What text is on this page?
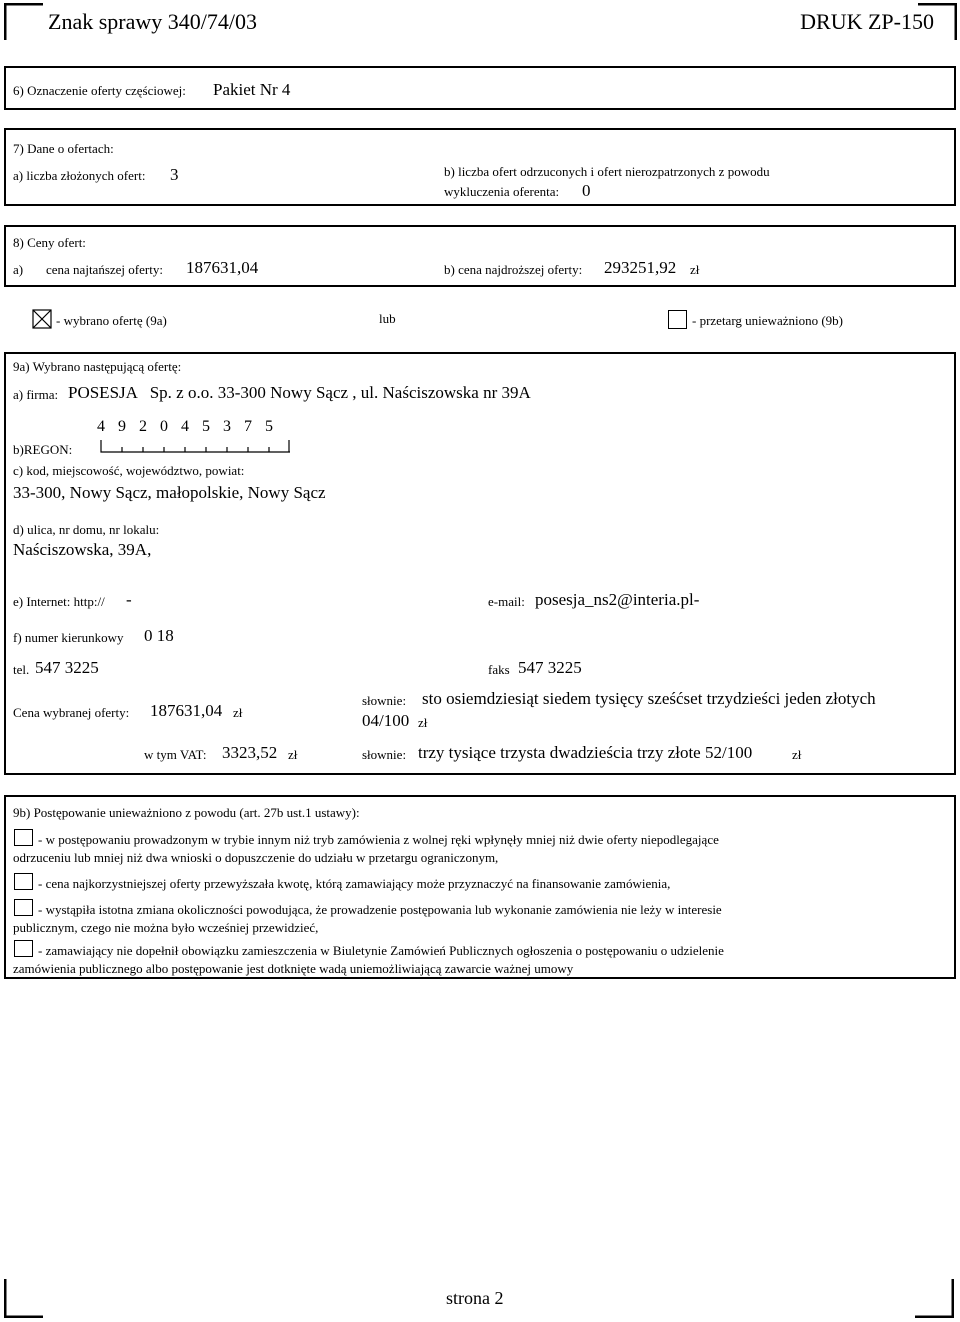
Znak sprawy 340/74/03	DRUK ZP-150
6) Oznaczenie oferty częściowej: Pakiet Nr 4
7) Dane o ofertach:
a) liczba złożonych ofert: 3	b) liczba ofert odrzuconych i ofert nierozpatrzonych z powodu
wykluczenia oferenta: 0
8) Ceny ofert:
a) cena najtańszej oferty: 187631,04	b) cena najdroższej oferty: 293251,92 zł
- wybrano ofertę (9a)	lub	- przetarg unieważniono (9b)
9a) Wybrano następującą ofertę:
a) firma: POSESJA   Sp. z o.o. 33-300 Nowy Sącz , ul. Naściszowska nr 39A
b)REGON:
4 9 2 0 4 5 3 7 5
c) kod, miejscowość, województwo, powiat:
33-300, Nowy Sącz, małopolskie, Nowy Sącz
d) ulica, nr domu, nr lokalu:
Naściszowska, 39A,
e) Internet: http:// -	e-mail: posesja_ns2@interia.pl-
f) numer kierunkowy 0 18
tel. 547 3225	faks 547 3225
Cena wybranej oferty: 187631,04 zł
słownie: sto osiemdziesiąt siedem tysięcy sześćset trzydzieści jeden złotych
04/100 zł
w tym VAT: 3323,52 zł	słownie: trzy tysiące trzysta dwadzieścia trzy złote 52/100	zł
9b) Postępowanie unieważniono z powodu (art. 27b ust.1 ustawy):
- w postępowaniu prowadzonym w trybie innym niż tryb zamówienia z wolnej ręki wpłynęły mniej niż dwie oferty niepodlegające
odrzuceniu lub mniej niż dwa wnioski o dopuszczenie do udziału w przetargu ograniczonym,
- cena najkorzystniejszej oferty przewyższała kwotę, którą zamawiający może przyznaczyć na finansowanie zamówienia,
- wystąpiła istotna zmiana okoliczności powodująca, że prowadzenie postępowania lub wykonanie zamówienia nie leży w interesie
publicznym, czego nie można było wcześniej przewidzieć,
- zamawiający nie dopełnił obowiązku zamieszczenia w Biuletynie Zamówień Publicznych ogłoszenia o postępowaniu o udzielenie
zamówienia publicznego albo postępowanie jest dotknięte wadą uniemożliwiającą zawarcie ważnej umowy
strona 2
